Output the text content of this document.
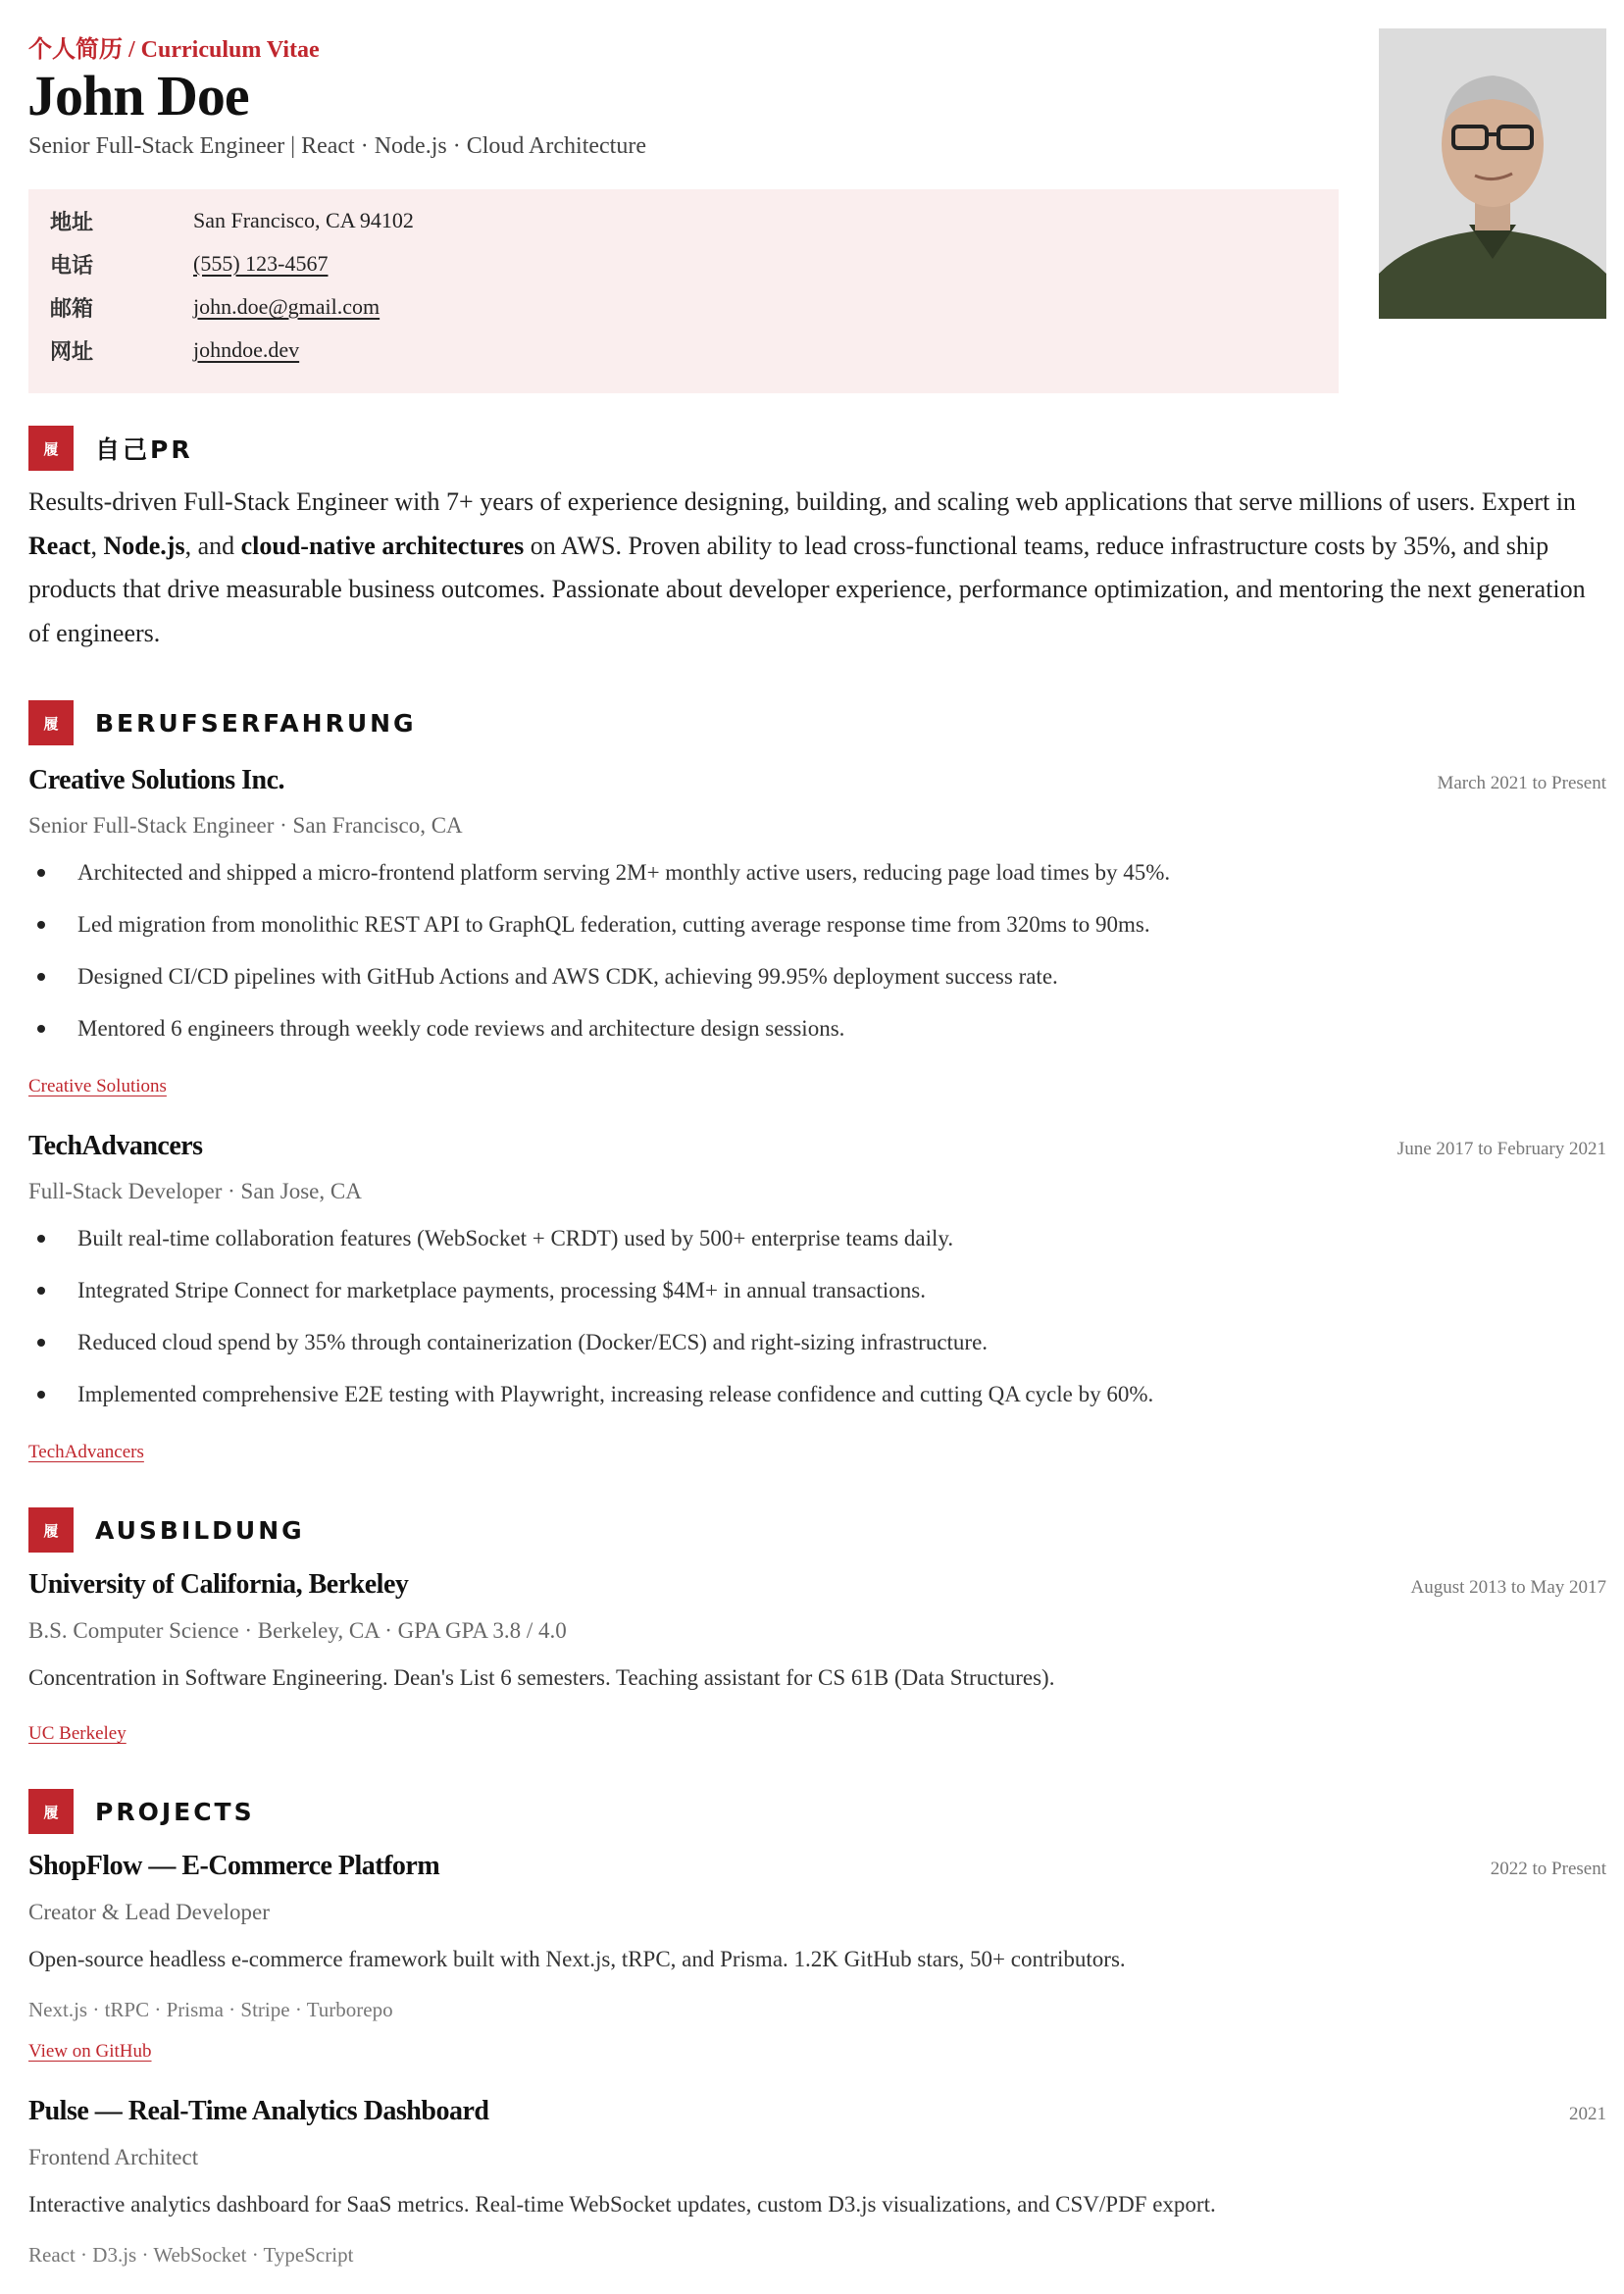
个人简历 / Curriculum Vitae
John Doe
Senior Full-Stack Engineer | React · Node.js · Cloud Architecture
地址	San Francisco, CA 94102
电话	(555) 123-4567
邮箱	john.doe@gmail.com
网址	johndoe.dev
履	自己PR
Results-driven Full-Stack Engineer with 7+ years of experience designing, building, and scaling web applications that serve millions of users. Expert in React, Node.js, and cloud-native architectures on AWS. Proven ability to lead cross-functional teams, reduce infrastructure costs by 35%, and ship products that drive measurable business outcomes. Passionate about developer experience, performance optimization, and mentoring the next generation of engineers.
履	BERUFSERFAHRUNG
Creative Solutions Inc.	March 2021 to Present
Senior Full-Stack Engineer · San Francisco, CA
Architected and shipped a micro-frontend platform serving 2M+ monthly active users, reducing page load times by 45%.
Led migration from monolithic REST API to GraphQL federation, cutting average response time from 320ms to 90ms.
Designed CI/CD pipelines with GitHub Actions and AWS CDK, achieving 99.95% deployment success rate.
Mentored 6 engineers through weekly code reviews and architecture design sessions.
Creative Solutions
TechAdvancers	June 2017 to February 2021
Full-Stack Developer · San Jose, CA
Built real-time collaboration features (WebSocket + CRDT) used by 500+ enterprise teams daily.
Integrated Stripe Connect for marketplace payments, processing $4M+ in annual transactions.
Reduced cloud spend by 35% through containerization (Docker/ECS) and right-sizing infrastructure.
Implemented comprehensive E2E testing with Playwright, increasing release confidence and cutting QA cycle by 60%.
TechAdvancers
履	AUSBILDUNG
University of California, Berkeley	August 2013 to May 2017
B.S. Computer Science · Berkeley, CA · GPA GPA 3.8 / 4.0
Concentration in Software Engineering. Dean's List 6 semesters. Teaching assistant for CS 61B (Data Structures).
UC Berkeley
履	PROJECTS
ShopFlow — E-Commerce Platform	2022 to Present
Creator & Lead Developer
Open-source headless e-commerce framework built with Next.js, tRPC, and Prisma. 1.2K GitHub stars, 50+ contributors.
Next.js · tRPC · Prisma · Stripe · Turborepo
View on GitHub
Pulse — Real-Time Analytics Dashboard	2021
Frontend Architect
Interactive analytics dashboard for SaaS metrics. Real-time WebSocket updates, custom D3.js visualizations, and CSV/PDF export.
React · D3.js · WebSocket · TypeScript
